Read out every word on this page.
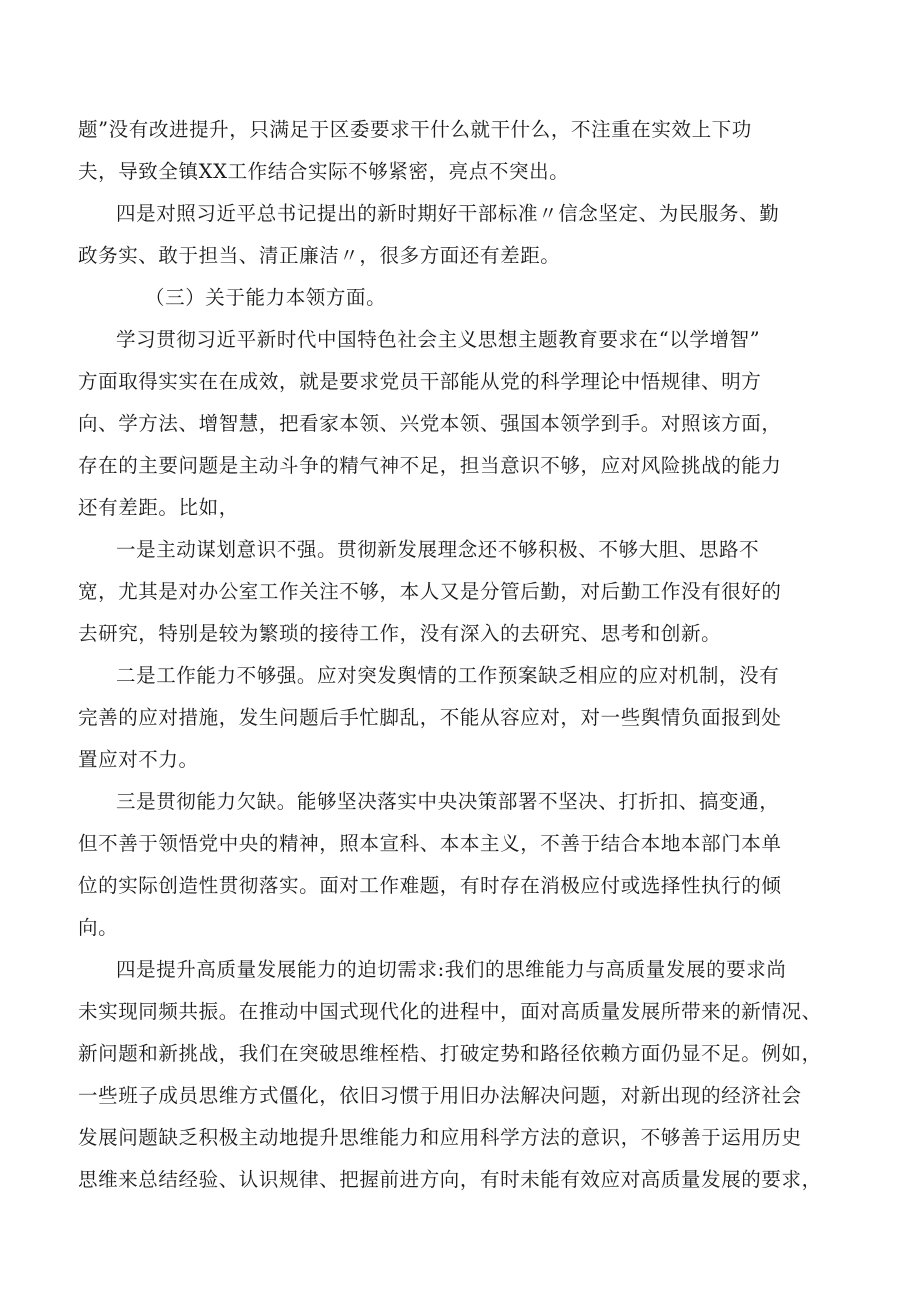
题”没有改进提升，只满足于区委要求干什么就干什么，不注重在实效上下功
夫，导致全镇XX工作结合实际不够紧密，亮点不突出。
四是对照习近平总书记提出的新时期好干部标准〃信念坚定、为民服务、勤
政务实、敢于担当、清正廉洁〃，很多方面还有差距。
（三）关于能力本领方面。
学习贯彻习近平新时代中国特色社会主义思想主题教育要求在“以学增智”
方面取得实实在在成效，就是要求党员干部能从党的科学理论中悟规律、明方
向、学方法、增智慧，把看家本领、兴党本领、强国本领学到手。对照该方面，
存在的主要问题是主动斗争的精气神不足，担当意识不够，应对风险挑战的能力
还有差距。比如，
一是主动谋划意识不强。贯彻新发展理念还不够积极、不够大胆、思路不
宽，尤其是对办公室工作关注不够，本人又是分管后勤，对后勤工作没有很好的
去研究，特别是较为繁琐的接待工作，没有深入的去研究、思考和创新。
二是工作能力不够强。应对突发舆情的工作预案缺乏相应的应对机制，没有
完善的应对措施，发生问题后手忙脚乱，不能从容应对，对一些舆情负面报到处
置应对不力。
三是贯彻能力欠缺。能够坚决落实中央决策部署不坚决、打折扣、搞变通，
但不善于领悟党中央的精神，照本宣科、本本主义，不善于结合本地本部门本单
位的实际创造性贯彻落实。面对工作难题，有时存在消极应付或选择性执行的倾
向。
四是提升高质量发展能力的迫切需求:我们的思维能力与高质量发展的要求尚
未实现同频共振。在推动中国式现代化的进程中，面对高质量发展所带来的新情况、
新问题和新挑战，我们在突破思维桎梏、打破定势和路径依赖方面仍显不足。例如，
一些班子成员思维方式僵化，依旧习惯于用旧办法解决问题，对新出现的经济社会
发展问题缺乏积极主动地提升思维能力和应用科学方法的意识，不够善于运用历史
思维来总结经验、认识规律、把握前进方向，有时未能有效应对高质量发展的要求，
